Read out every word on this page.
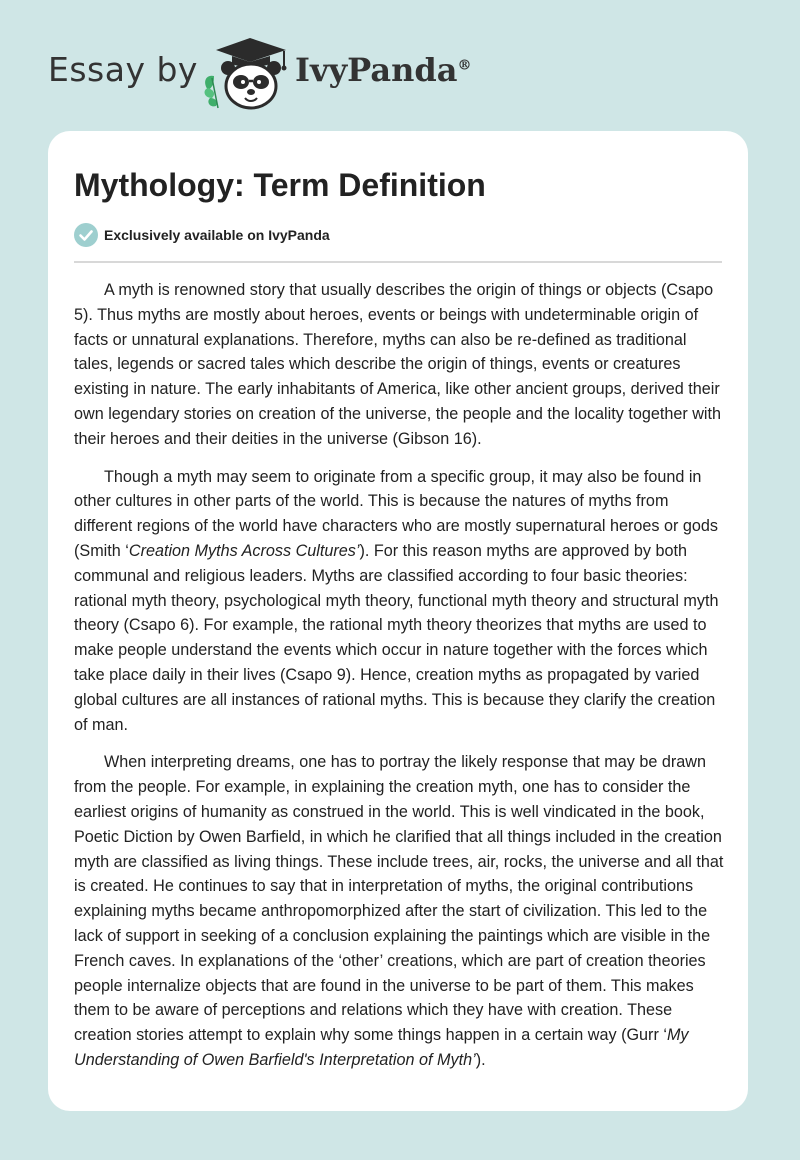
Essay by	IvyPanda®
Mythology: Term Definition
Exclusively available on IvyPanda

A myth is renowned story that usually describes the origin of things or objects (Csapo 5). Thus myths are mostly about heroes, events or beings with undeterminable origin of facts or unnatural explanations. Therefore, myths can also be re-defined as traditional tales, legends or sacred tales which describe the origin of things, events or creatures existing in nature. The early inhabitants of America, like other ancient groups, derived their own legendary stories on creation of the universe, the people and the locality together with their heroes and their deities in the universe (Gibson 16).

Though a myth may seem to originate from a specific group, it may also be found in other cultures in other parts of the world. This is because the natures of myths from different regions of the world have characters who are mostly supernatural heroes or gods (Smith ‘Creation Myths Across Cultures’). For this reason myths are approved by both communal and religious leaders. Myths are classified according to four basic theories: rational myth theory, psychological myth theory, functional myth theory and structural myth theory (Csapo 6). For example, the rational myth theory theorizes that myths are used to make people understand the events which occur in nature together with the forces which take place daily in their lives (Csapo 9). Hence, creation myths as propagated by varied global cultures are all instances of rational myths. This is because they clarify the creation of man.

When interpreting dreams, one has to portray the likely response that may be drawn from the people. For example, in explaining the creation myth, one has to consider the earliest origins of humanity as construed in the world. This is well vindicated in the book, Poetic Diction by Owen Barfield, in which he clarified that all things included in the creation myth are classified as living things. These include trees, air, rocks, the universe and all that is created. He continues to say that in interpretation of myths, the original contributions explaining myths became anthropomorphized after the start of civilization. This led to the lack of support in seeking of a conclusion explaining the paintings which are visible in the French caves. In explanations of the ‘other’ creations, which are part of creation theories people internalize objects that are found in the universe to be part of them. This makes them to be aware of perceptions and relations which they have with creation. These creation stories attempt to explain why some things happen in a certain way (Gurr ‘My Understanding of Owen Barfield's Interpretation of Myth’).
